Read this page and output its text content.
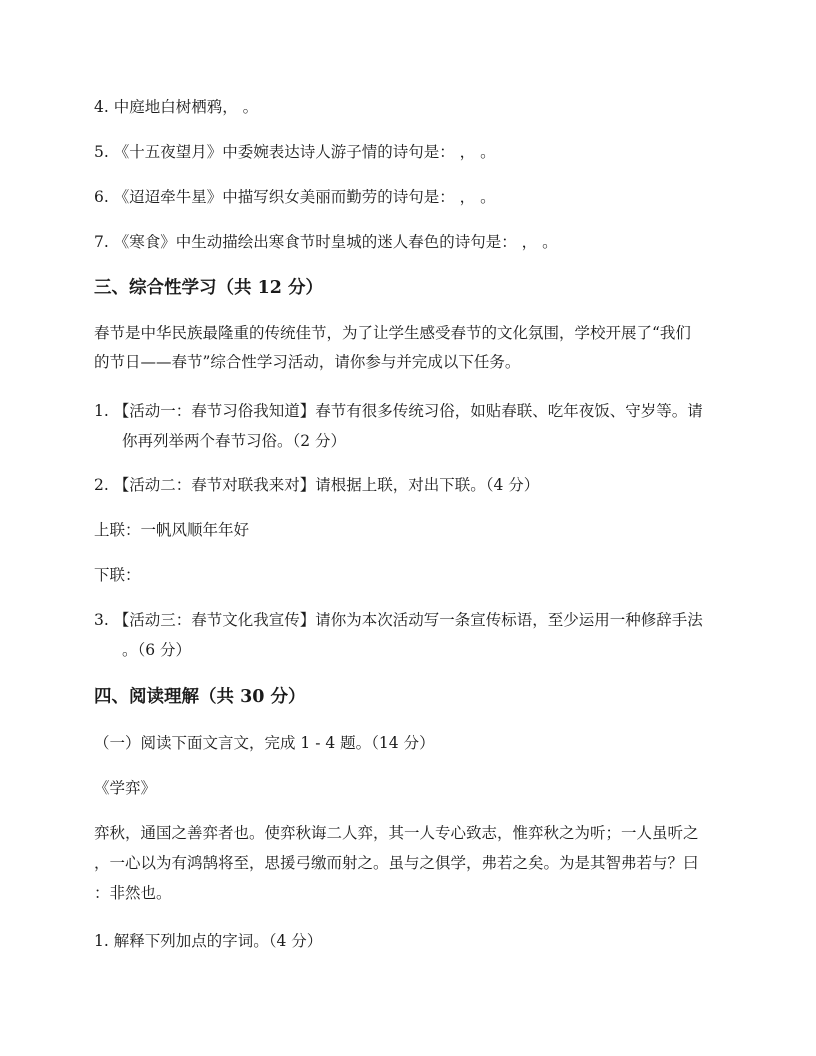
4. 中庭地白树栖鸦， 。
5. 《十五夜望月》中委婉表达诗人游子情的诗句是： ， 。
6. 《迢迢牵牛星》中描写织女美丽而勤劳的诗句是： ， 。
7. 《寒食》中生动描绘出寒食节时皇城的迷人春色的诗句是： ， 。
三、综合性学习（共 12 分）
春节是中华民族最隆重的传统佳节，为了让学生感受春节的文化氛围，学校开展了“我们
的节日——春节”综合性学习活动，请你参与并完成以下任务。
1. 【活动一：春节习俗我知道】春节有很多传统习俗，如贴春联、吃年夜饭、守岁等。请
你再列举两个春节习俗。（2 分）
2. 【活动二：春节对联我来对】请根据上联，对出下联。（4 分）
上联：一帆风顺年年好
下联：
3. 【活动三：春节文化我宣传】请你为本次活动写一条宣传标语，至少运用一种修辞手法
。（6 分）
四、阅读理解（共 30 分）
（一）阅读下面文言文，完成 1 - 4 题。（14 分）
《学弈》
弈秋，通国之善弈者也。使弈秋诲二人弈，其一人专心致志，惟弈秋之为听；一人虽听之
，一心以为有鸿鹄将至，思援弓缴而射之。虽与之俱学，弗若之矣。为是其智弗若与？曰
：非然也。
1. 解释下列加点的字词。（4 分）
